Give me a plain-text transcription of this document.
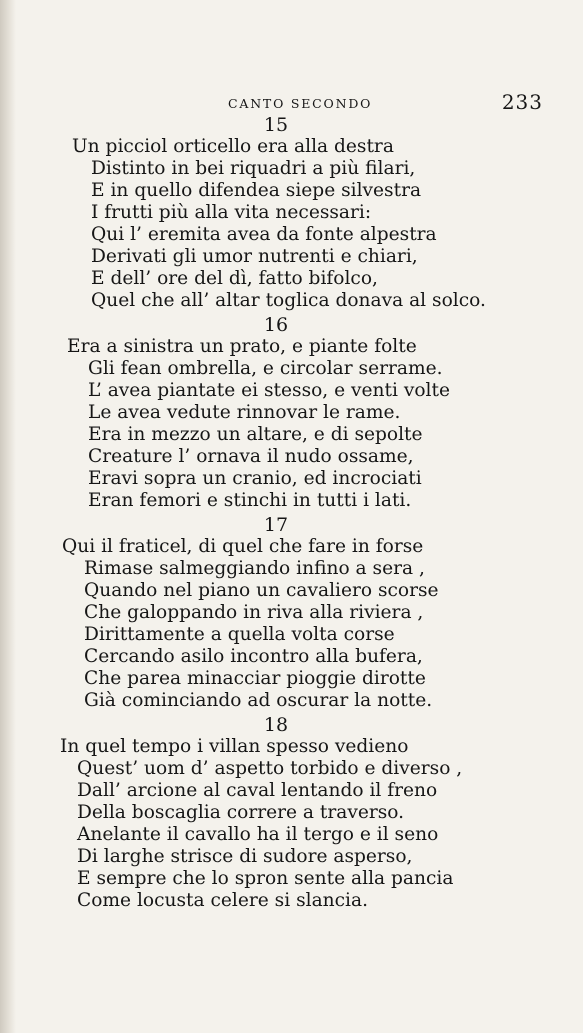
CANTO SECONDO	233
15
Un picciol orticello era alla destra
Distinto in bei riquadri a più filari,
E in quello difendea siepe silvestra
I frutti più alla vita necessari:
Qui l’ eremita avea da fonte alpestra
Derivati gli umor nutrenti e chiari,
E dell’ ore del dì, fatto bifolco,
Quel che all’ altar toglica donava al solco.
16
Era a sinistra un prato, e piante folte
Gli fean ombrella, e circolar serrame.
L’ avea piantate ei stesso, e venti volte
Le avea vedute rinnovar le rame.
Era in mezzo un altare, e di sepolte
Creature l’ ornava il nudo ossame,
Eravi sopra un cranio, ed incrociati
Eran femori e stinchi in tutti i lati.
17
Qui il fraticel, di quel che fare in forse
Rimase salmeggiando infino a sera ,
Quando nel piano un cavaliero scorse
Che galoppando in riva alla riviera ,
Dirittamente a quella volta corse
Cercando asilo incontro alla bufera,
Che parea minacciar pioggie dirotte
Già cominciando ad oscurar la notte.
18
In quel tempo i villan spesso vedieno
Quest’ uom d’ aspetto torbido e diverso ,
Dall’ arcione al caval lentando il freno
Della boscaglia correre a traverso.
Anelante il cavallo ha il tergo e il seno
Di larghe strisce di sudore asperso,
E sempre che lo spron sente alla pancia
Come locusta celere si slancia.
